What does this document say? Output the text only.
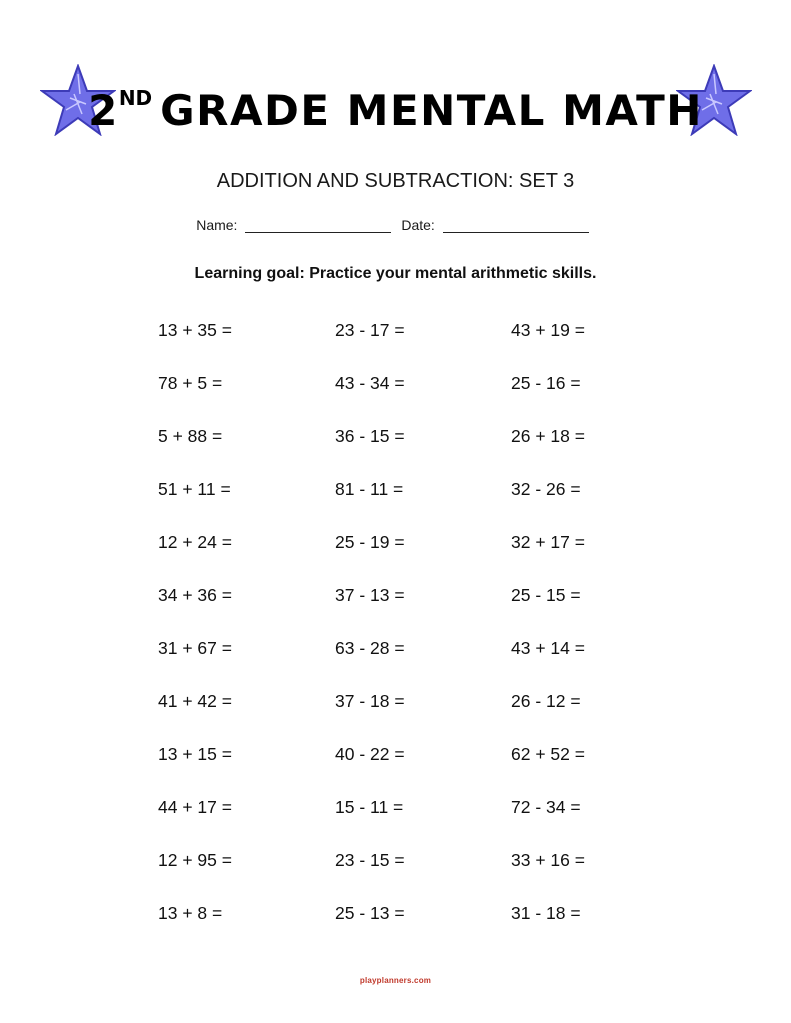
2ND GRADE MENTAL MATH
ADDITION AND SUBTRACTION: SET 3
Name:	Date:
Learning goal: Practice your mental arithmetic skills.
13 + 35 =
78 + 5 =
5 + 88 =
51 + 11 =
12 + 24 =
34 + 36 =
31 + 67 =
41 + 42 =
13 + 15 =
44 + 17 =
12 + 95 =
13 + 8 =
23 - 17 =
43 - 34 =
36 - 15 =
81 - 11 =
25 - 19 =
37 - 13 =
63 - 28 =
37 - 18 =
40 - 22 =
15 - 11 =
23 - 15 =
25 - 13 =
43 + 19 =
25 - 16 =
26 + 18 =
32 - 26 =
32 + 17 =
25 - 15 =
43 + 14 =
26 - 12 =
62 + 52 =
72 - 34 =
33 + 16 =
31 - 18 =
playplanners.com
